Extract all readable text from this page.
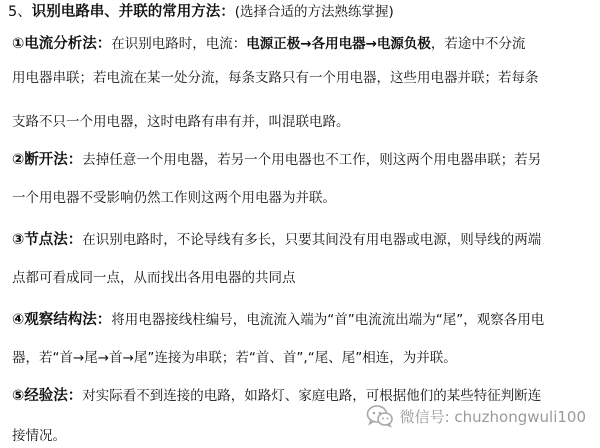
5、识别电路串、并联的常用方法：(选择合适的方法熟练掌握)
①电流分析法：在识别电路时，电流：电源正极→各用电器→电源负极，若途中不分流
用电器串联；若电流在某一处分流，每条支路只有一个用电器，这些用电器并联；若每条
支路不只一个用电器，这时电路有串有并，叫混联电路。
②断开法：去掉任意一个用电器，若另一个用电器也不工作，则这两个用电器串联；若另
一个用电器不受影响仍然工作则这两个用电器为并联。
③节点法：在识别电路时，不论导线有多长，只要其间没有用电器或电源，则导线的两端
点都可看成同一点，从而找出各用电器的共同点
④观察结构法：将用电器接线柱编号，电流流入端为“首”电流流出端为“尾”，观察各用电
器，若“首→尾→首→尾”连接为串联；若“首、首”,“尾、尾”相连，为并联。
⑤经验法：对实际看不到连接的电路，如路灯、家庭电路，可根据他们的某些特征判断连
接情况。
微信号: chuzhongwuli100
